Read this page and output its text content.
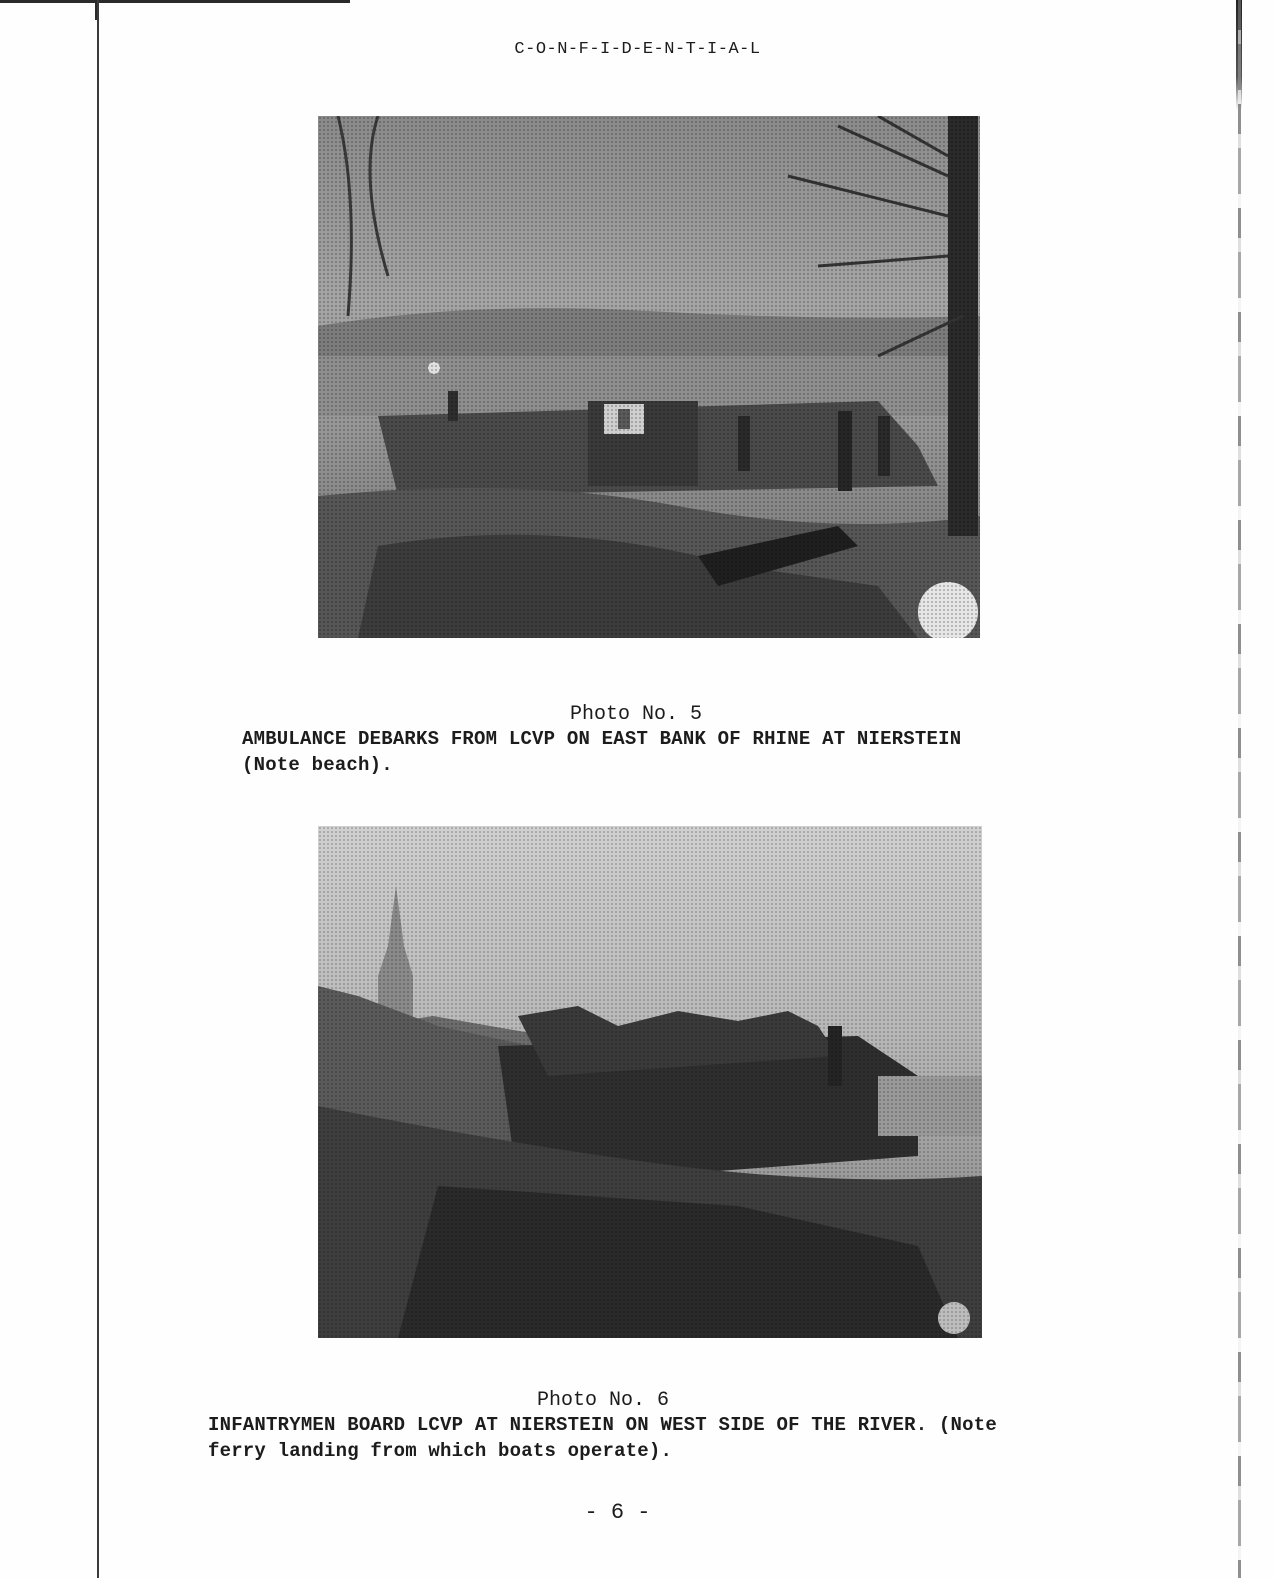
C-O-N-F-I-D-E-N-T-I-A-L
Photo No. 5
AMBULANCE DEBARKS FROM LCVP ON EAST BANK OF RHINE AT NIERSTEIN
(Note beach).
Photo No. 6
INFANTRYMEN BOARD LCVP AT NIERSTEIN ON WEST SIDE OF THE RIVER. (Note
ferry landing from which boats operate).
- 6 -
